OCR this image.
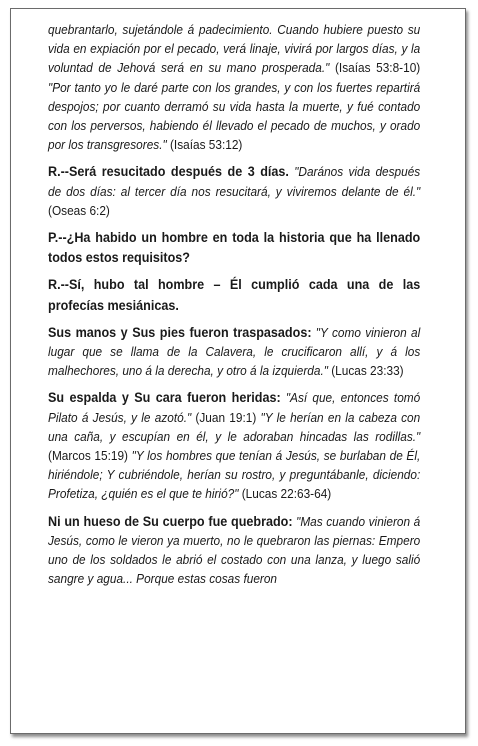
quebrantarlo, sujetándole á padecimiento. Cuando hubiere puesto su vida en expiación por el pecado, verá linaje, vivirá por largos días, y la voluntad de Jehová será en su mano prosperada." (Isaías 53:8-10) "Por tanto yo le daré parte con los grandes, y con los fuertes repartirá despojos; por cuanto derramó su vida hasta la muerte, y fué contado con los perversos, habiendo él llevado el pecado de muchos, y orado por los transgresores." (Isaías 53:12)

R.--Será resucitado después de 3 días. "Darános vida después de dos días: al tercer día nos resucitará, y viviremos delante de él." (Oseas 6:2)

P.--¿Ha habido un hombre en toda la historia que ha llenado todos estos requisitos?

R.--Sí, hubo tal hombre – Él cumplió cada una de las profecías mesiánicas.

Sus manos y Sus pies fueron traspasados: "Y como vinieron al lugar que se llama de la Calavera, le crucificaron allí, y á los malhechores, uno á la derecha, y otro á la izquierda." (Lucas 23:33)

Su espalda y Su cara fueron heridas: "Así que, entonces tomó Pilato á Jesús, y le azotó." (Juan 19:1) "Y le herían en la cabeza con una caña, y escupían en él, y le adoraban hincadas las rodillas." (Marcos 15:19) "Y los hombres que tenían á Jesús, se burlaban de Él, hiriéndole; Y cubriéndole, herían su rostro, y preguntábanle, diciendo: Profetiza, ¿quién es el que te hirió?" (Lucas 22:63-64)

Ni un hueso de Su cuerpo fue quebrado: "Mas cuando vinieron á Jesús, como le vieron ya muerto, no le quebraron las piernas: Empero uno de los soldados le abrió el costado con una lanza, y luego salió sangre y agua... Porque estas cosas fueron
